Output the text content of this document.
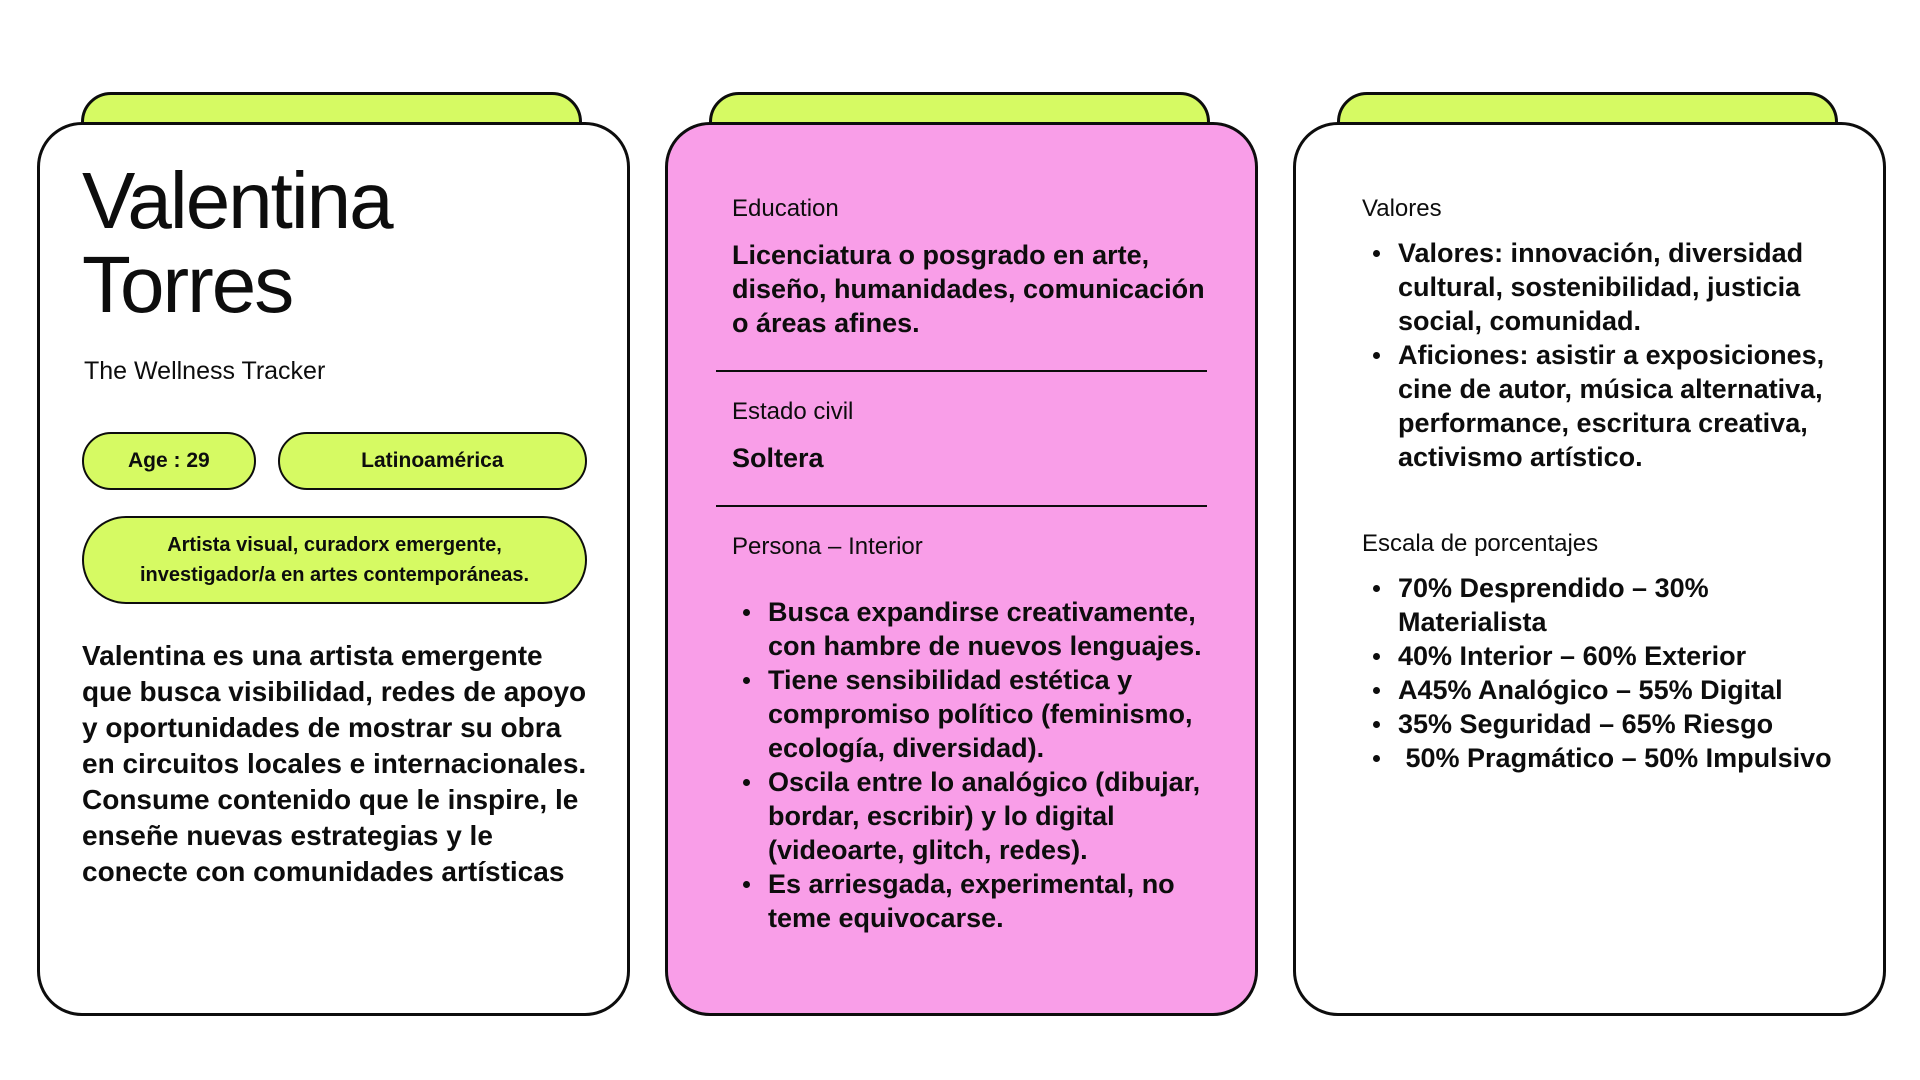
Valentina Torres

The Wellness Tracker

Age : 29	Latinoamérica
Artista visual, curadorx emergente, investigador/a en artes contemporáneas.

Valentina es una artista emergente que busca visibilidad, redes de apoyo y oportunidades de mostrar su obra en circuitos locales e internacionales. Consume contenido que le inspire, le enseñe nuevas estrategias y le conecte con comunidades artísticas

Education

Licenciatura o posgrado en arte, diseño, humanidades, comunicación o áreas afines.

Estado civil

Soltera

Persona – Interior
Busca expandirse creativamente, con hambre de nuevos lenguajes.
Tiene sensibilidad estética y compromiso político (feminismo, ecología, diversidad).
Oscila entre lo analógico (dibujar, bordar, escribir) y lo digital (videoarte, glitch, redes).
Es arriesgada, experimental, no teme equivocarse.
Valores
Valores: innovación, diversidad cultural, sostenibilidad, justicia social, comunidad.
Aficiones: asistir a exposiciones, cine de autor, música alternativa, performance, escritura creativa, activismo artístico.
Escala de porcentajes
70% Desprendido – 30% Materialista
40% Interior – 60% Exterior
A45% Analógico – 55% Digital
35% Seguridad – 65% Riesgo
50% Pragmático – 50% Impulsivo
